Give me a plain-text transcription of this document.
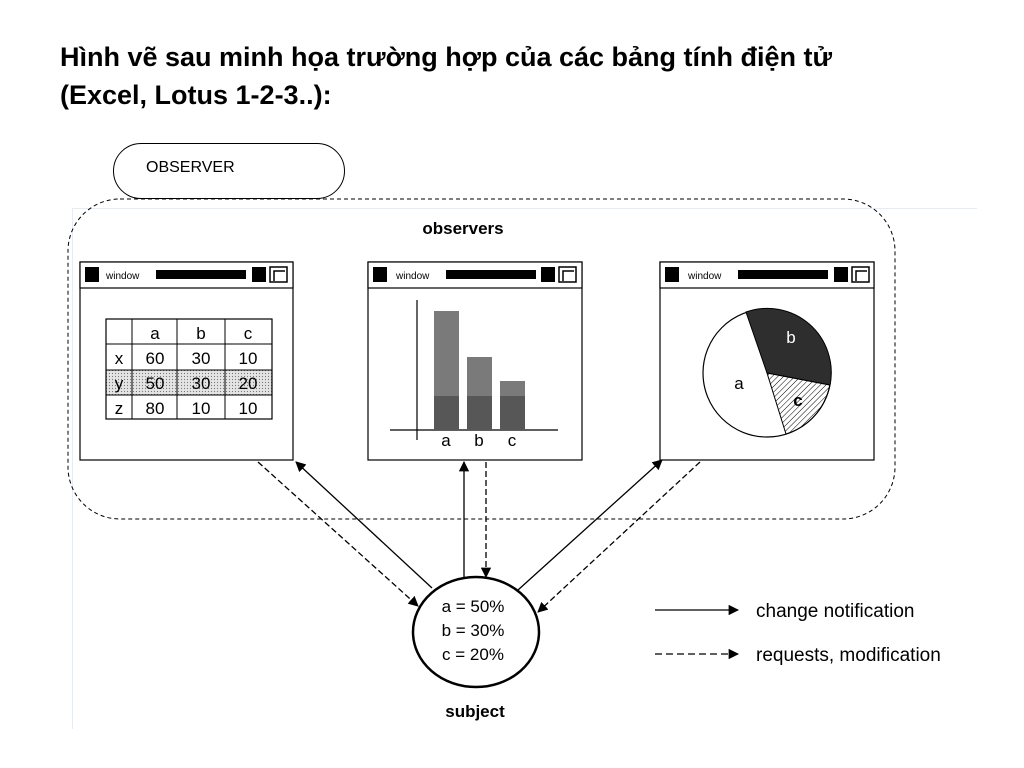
Hình vẽ sau minh họa trường hợp của các bảng tính điện tử
(Excel, Lotus 1-2-3..):
OBSERVER
observers
window
a b c
x 60 30 10
y 50 30 20
z 80 10 10
window
a b c
window
a
b
c
a = 50%
b = 30%
c = 20%
subject
change notification
requests, modification
